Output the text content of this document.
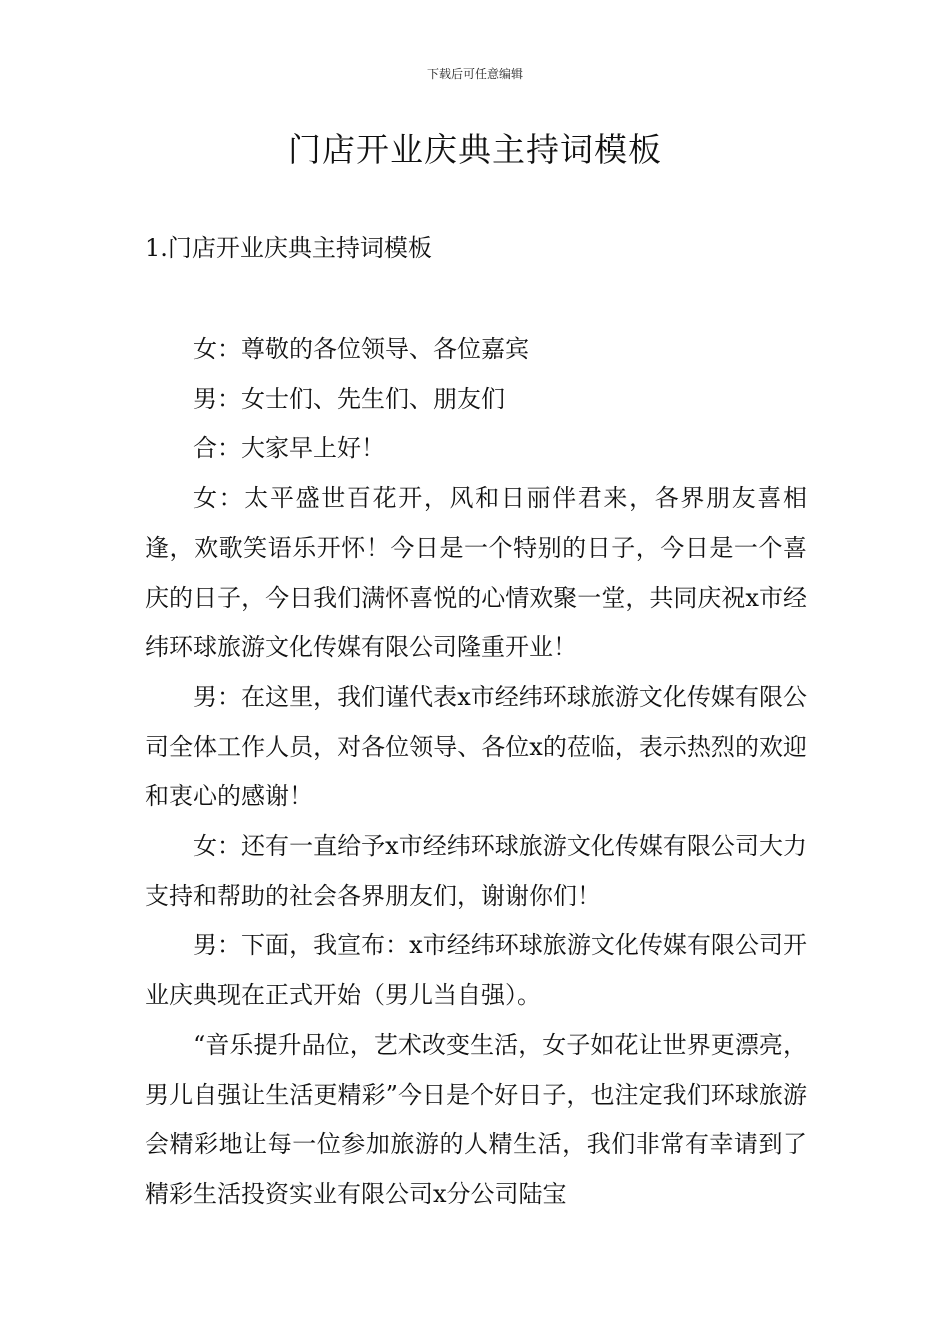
下载后可任意编辑
门店开业庆典主持词模板
1.门店开业庆典主持词模板

女：尊敬的各位领导、各位嘉宾

男：女士们、先生们、朋友们

合：大家早上好！

女：太平盛世百花开，风和日丽伴君来，各界朋友喜相逢，欢歌笑语乐开怀！今日是一个特别的日子，今日是一个喜庆的日子，今日我们满怀喜悦的心情欢聚一堂，共同庆祝x市经纬环球旅游文化传媒有限公司隆重开业！

男：在这里，我们谨代表x市经纬环球旅游文化传媒有限公司全体工作人员，对各位领导、各位x的莅临，表示热烈的欢迎和衷心的感谢！

女：还有一直给予x市经纬环球旅游文化传媒有限公司大力支持和帮助的社会各界朋友们，谢谢你们！

男：下面，我宣布：x市经纬环球旅游文化传媒有限公司开业庆典现在正式开始（男儿当自强）。

“音乐提升品位，艺术改变生活，女子如花让世界更漂亮，男儿自强让生活更精彩”今日是个好日子，也注定我们环球旅游会精彩地让每一位参加旅游的人精生活，我们非常有幸请到了精彩生活投资实业有限公司x分公司陆宝
